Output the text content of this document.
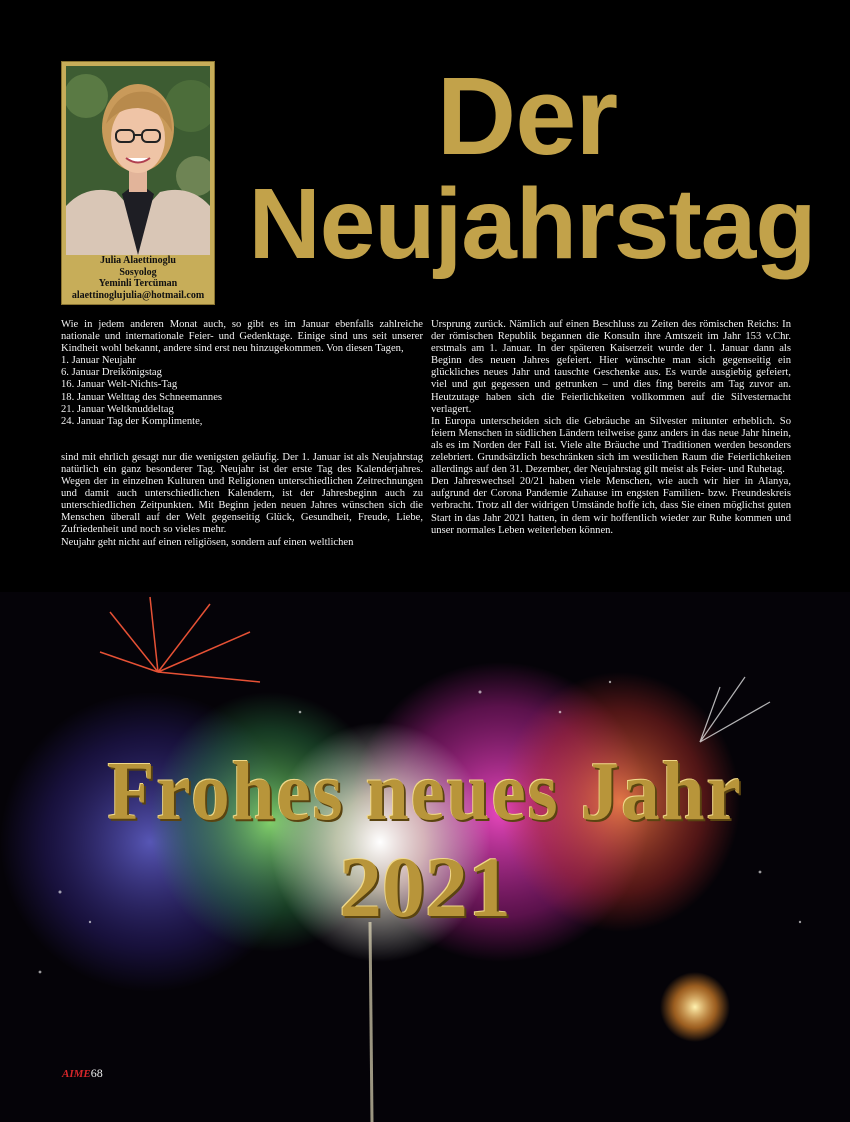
Julia Alaettinoglu
Sosyolog
Yeminli Tercüman
alaettinoglujulia@hotmail.com
Der
Neujahrstag

Wie in jedem anderen Monat auch, so gibt es im Januar ebenfalls zahlreiche nationale und internationale Feier- und Gedenktage. Einige sind uns seit unserer Kindheit wohl bekannt, andere sind erst neu hinzugekommen. Von diesen Tagen,

1. Januar Neujahr
6. Januar Dreikönigstag
16. Januar Welt-Nichts-Tag
18. Januar Welttag des Schneemannes
21. Januar Weltknuddeltag
24. Januar Tag der Komplimente,

sind mit ehrlich gesagt nur die wenigsten geläufig. Der 1. Januar ist als Neujahrstag natürlich ein ganz besonderer Tag. Neujahr ist der erste Tag des Kalenderjahres. Wegen der in einzelnen Kulturen und Religionen unterschiedlichen Zeitrechnungen und damit auch unterschiedlichen Kalendern, ist der Jahresbeginn auch zu unterschiedlichen Zeitpunkten. Mit Beginn jeden neuen Jahres wünschen sich die Menschen überall auf der Welt gegenseitig Glück, Gesundheit, Freude, Liebe, Zufriedenheit und noch so vieles mehr.

Neujahr geht nicht auf einen religiösen, sondern auf einen weltlichen

Ursprung zurück. Nämlich auf einen Beschluss zu Zeiten des römischen Reichs: In der römischen Republik begannen die Konsuln ihre Amtszeit im Jahr 153 v.Chr. erstmals am 1. Januar. In der späteren Kaiserzeit wurde der 1. Januar dann als Beginn des neuen Jahres gefeiert. Hier wünschte man sich gegenseitig ein glückliches neues Jahr und tauschte Geschenke aus. Es wurde ausgiebig gefeiert, viel und gut gegessen und getrunken – und dies fing bereits am Tag zuvor an. Heutzutage haben sich die Feierlichkeiten vollkommen auf die Silvesternacht verlagert.

In Europa unterscheiden sich die Gebräuche an Silvester mitunter erheblich. So feiern Menschen in südlichen Ländern teilweise ganz anders in das neue Jahr hinein, als es im Norden der Fall ist. Viele alte Bräuche und Traditionen werden besonders zelebriert. Grundsätzlich beschränken sich im westlichen Raum die Feierlichkeiten allerdings auf den 31. Dezember, der Neujahrstag gilt meist als Feier- und Ruhetag.

Den Jahreswechsel 20/21 haben viele Menschen, wie auch wir hier in Alanya, aufgrund der Corona Pandemie Zuhause im engsten Familien- bzw. Freundeskreis verbracht. Trotz all der widrigen Umstände hoffe ich, dass Sie einen möglichst guten Start in das Jahr 2021 hatten, in dem wir hoffentlich wieder zur Ruhe kommen und unser normales Leben weiterleben können.

Frohes neues Jahr
2021
AIME68
